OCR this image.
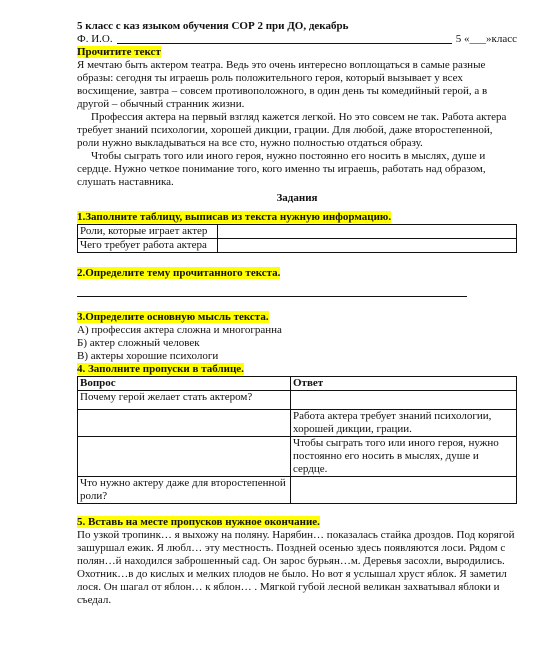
5 класс с каз языком обучения СОР 2 при ДО, декабрь
Ф. И.О.	5 «___»класс
Прочитите текст

Я мечтаю быть актером театра. Ведь это очень интересно воплощаться в самые разные образы: сегодня ты играешь роль положительного героя, который вызывает у всех восхищение, завтра – совсем противоположного, в один день ты комедийный герой, а в другой – обычный странник жизни.

Профессия актера на первый взгляд кажется легкой. Но это совсем не так. Работа актера требует знаний психологии, хорошей дикции, грации. Для любой, даже второстепенной, роли нужно выкладываться на все сто, нужно полностью отдаться образу.

Чтобы сыграть того или иного героя, нужно постоянно его носить в мыслях, душе и сердце. Нужно четкое понимание того, кого именно ты играешь, работать над образом, слушать наставника.

Задания
1.Заполните таблицу, выписав из текста нужную информацию.
Роли, которые играет актер	
Чего требует работа актера	
2.Определите тему прочитанного текста.
3.Определите основную мысль текста.
А) профессия актера сложна и многогранна
Б) актер сложный человек
В) актеры хорошие психологи
4. Заполните пропуски в таблице.
Вопрос	Ответ
Почему герой желает стать актером?	
	Работа актера требует знаний психологии, хорошей дикции, грации.
	Чтобы сыграть того или иного героя, нужно постоянно его носить в мыслях, душе и сердце.
Что нужно актеру даже для второстепенной роли?	
5. Вставь на месте пропусков нужное окончание.

По узкой тропинк… я выхожу на поляну. Нарябин… показалась стайка дроздов. Под корягой зашуршал ежик. Я любл… эту местность. Поздней осенью здесь появляются лоси. Рядом с полян…й находился заброшенный сад. Он зарос бурьян…м. Деревья засохли, выродились. Охотник…в до кислых и мелких плодов не было. Но вот я услышал хруст яблок. Я заметил лося. Он шагал от яблон… к яблон… . Мягкой губой лесной великан захватывал яблоки и съедал.
